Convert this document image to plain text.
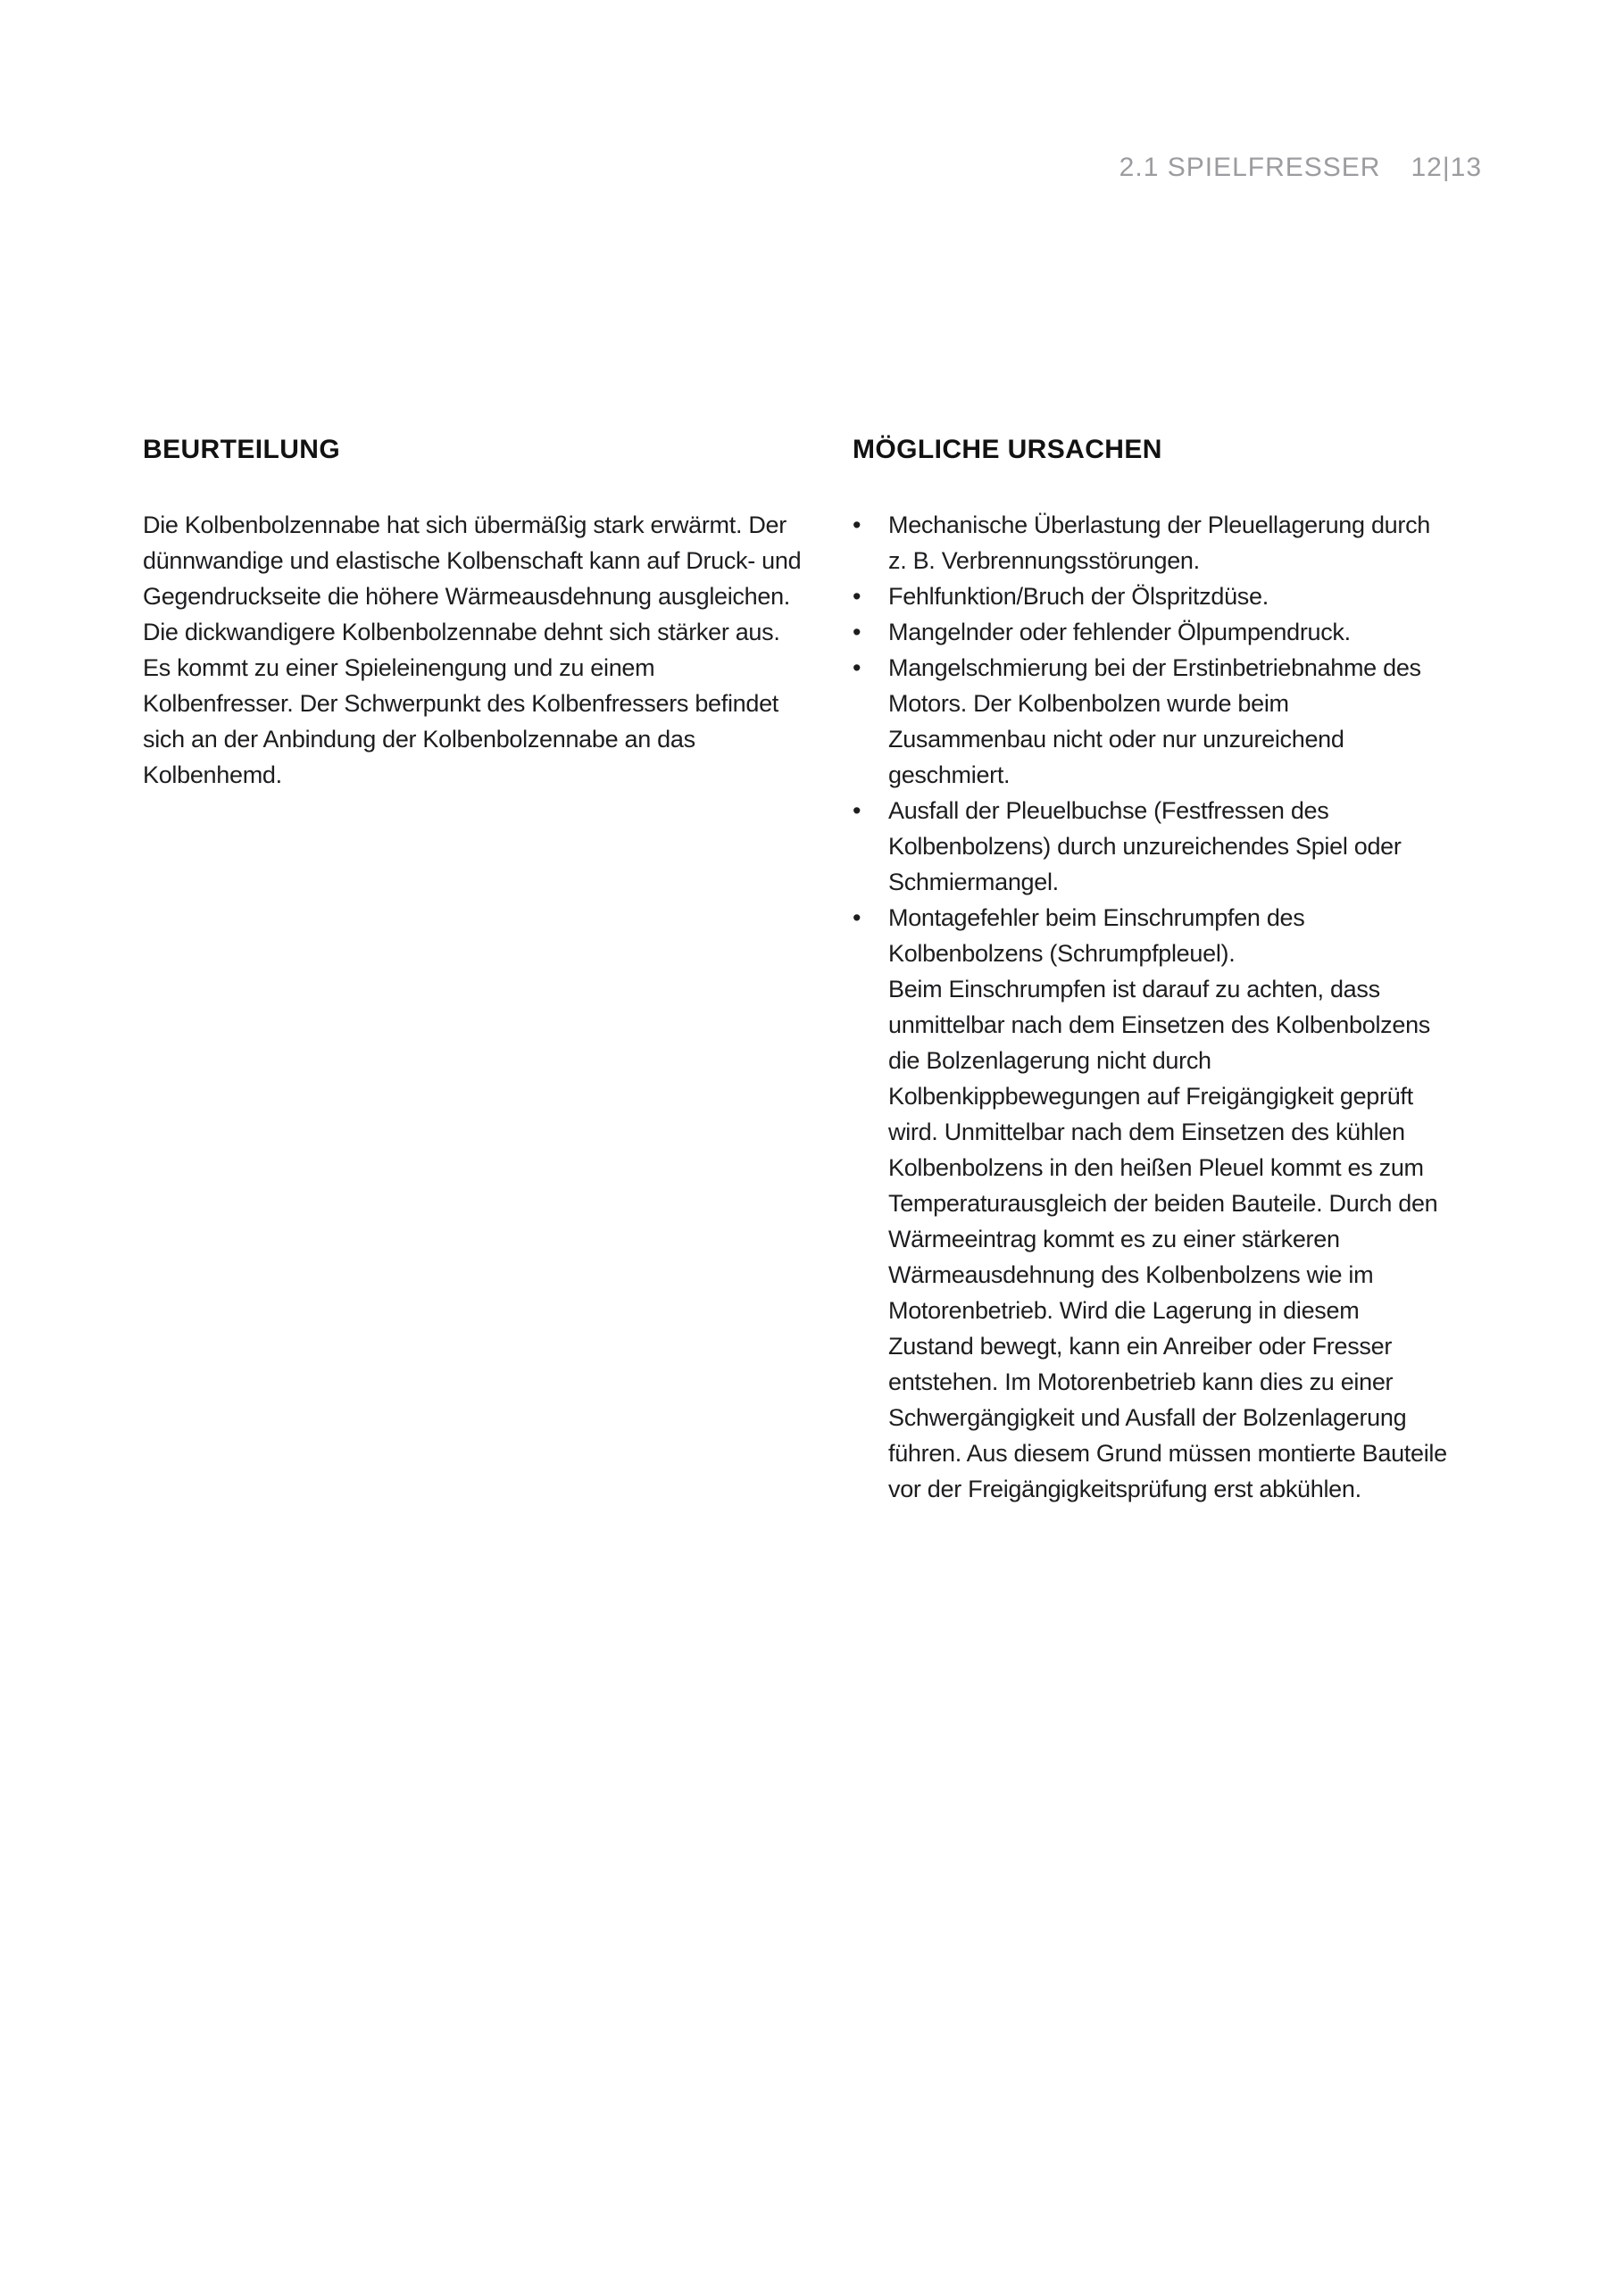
2.1 SPIELFRESSER 12|13
BEURTEILUNG

Die Kolbenbolzennabe hat sich übermäßig stark erwärmt. Der dünnwandige und elastische Kolbenschaft kann auf Druck- und Gegendruckseite die höhere Wärmeausdehnung ausgleichen. Die dickwandigere Kolbenbolzennabe dehnt sich stärker aus. Es kommt zu einer Spieleinengung und zu einem Kolbenfresser. Der Schwerpunkt des Kolbenfressers befindet sich an der Anbindung der Kolbenbolzennabe an das Kolbenhemd.

MÖGLICHE URSACHEN
•	Mechanische Überlastung der Pleuellagerung durch z. B. Verbrennungsstörungen.
•	Fehlfunktion/Bruch der Ölspritzdüse.
•	Mangelnder oder fehlender Ölpumpendruck.
•	Mangelschmierung bei der Erstinbetriebnahme des Motors. Der Kolbenbolzen wurde beim Zusammenbau nicht oder nur unzureichend geschmiert.
•	Ausfall der Pleuelbuchse (Festfressen des Kolbenbolzens) durch unzureichendes Spiel oder Schmiermangel.
•	Montagefehler beim Einschrumpfen des Kolbenbolzens (Schrumpfpleuel).
Beim Einschrumpfen ist darauf zu achten, dass unmittelbar nach dem Einsetzen des Kolbenbolzens die Bolzenlagerung nicht durch Kolbenkippbewegungen auf Freigängigkeit geprüft wird. Unmittelbar nach dem Einsetzen des kühlen Kolbenbolzens in den heißen Pleuel kommt es zum Temperaturausgleich der beiden Bauteile. Durch den Wärmeeintrag kommt es zu einer stärkeren Wärmeausdehnung des Kolbenbolzens wie im Motorenbetrieb. Wird die Lagerung in diesem Zustand bewegt, kann ein Anreiber oder Fresser entstehen. Im Motorenbetrieb kann dies zu einer Schwergängigkeit und Ausfall der Bolzenlagerung führen. Aus diesem Grund müssen montierte Bauteile vor der Freigängigkeitsprüfung erst abkühlen.
